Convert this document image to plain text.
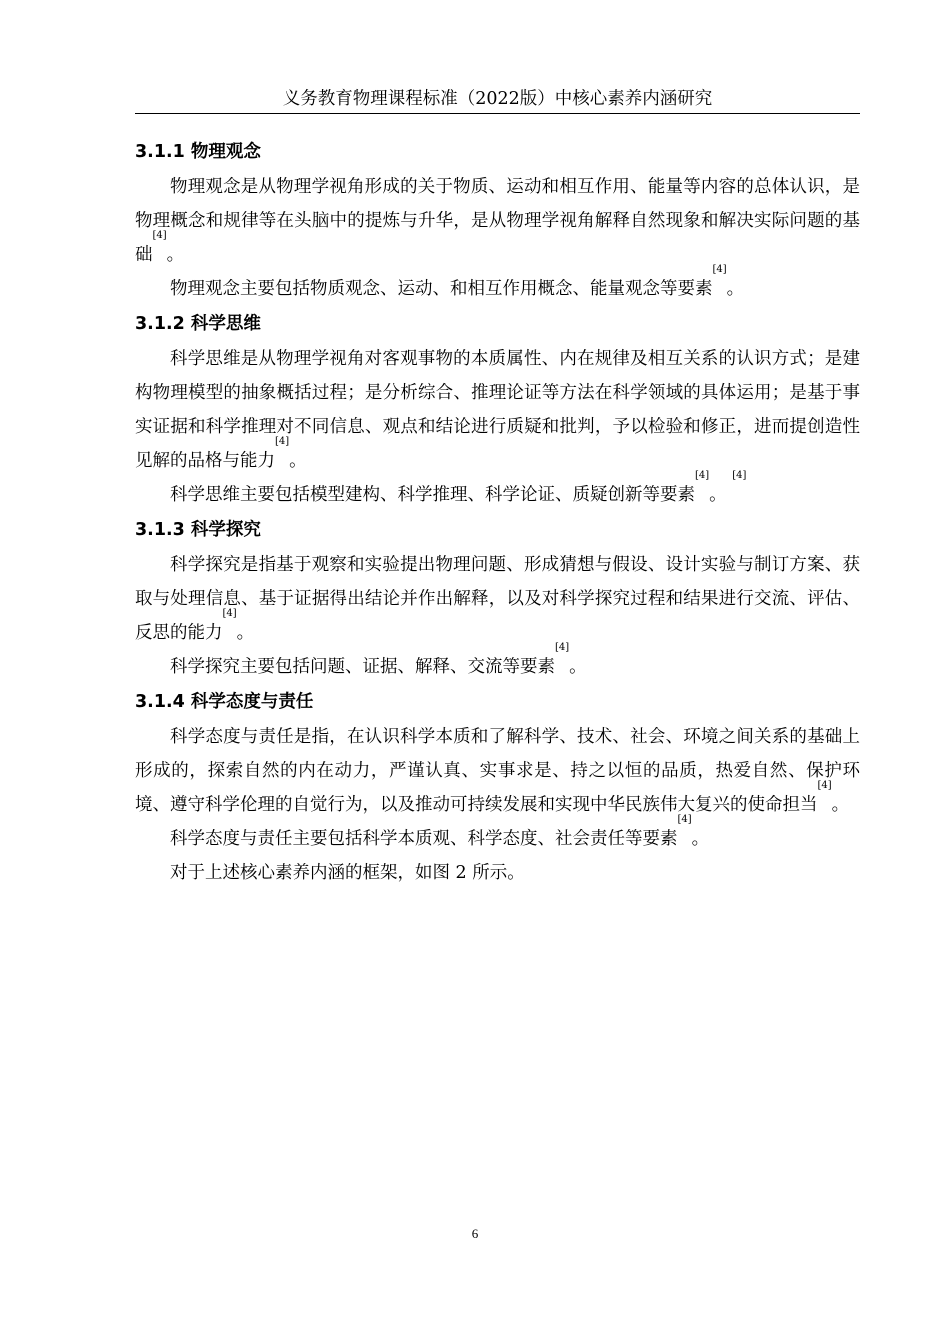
义务教育物理课程标准（2022版）中核心素养内涵研究
3.1.1 物理观念

物理观念是从物理学视角形成的关于物质、运动和相互作用、能量等内容的总体认识，是物理概念和规律等在头脑中的提炼与升华，是从物理学视角解释自然现象和解决实际问题的基础[4]。

物理观念主要包括物质观念、运动、和相互作用概念、能量观念等要素[4]。

3.1.2 科学思维

科学思维是从物理学视角对客观事物的本质属性、内在规律及相互关系的认识方式；是建构物理模型的抽象概括过程；是分析综合、推理论证等方法在科学领域的具体运用；是基于事实证据和科学推理对不同信息、观点和结论进行质疑和批判，予以检验和修正，进而提创造性见解的品格与能力[4]。

科学思维主要包括模型建构、科学推理、科学论证、质疑创新等要素[4]。 [4]

3.1.3 科学探究

科学探究是指基于观察和实验提出物理问题、形成猜想与假设、设计实验与制订方案、获取与处理信息、基于证据得出结论并作出解释，以及对科学探究过程和结果进行交流、评估、反思的能力[4]。

科学探究主要包括问题、证据、解释、交流等要素[4]。

3.1.4 科学态度与责任

科学态度与责任是指，在认识科学本质和了解科学、技术、社会、环境之间关系的基础上形成的，探索自然的内在动力，严谨认真、实事求是、持之以恒的品质，热爱自然、保护环境、遵守科学伦理的自觉行为，以及推动可持续发展和实现中华民族伟大复兴的使命担当[4]。

科学态度与责任主要包括科学本质观、科学态度、社会责任等要素[4]。

对于上述核心素养内涵的框架，如图 2 所示。

6
